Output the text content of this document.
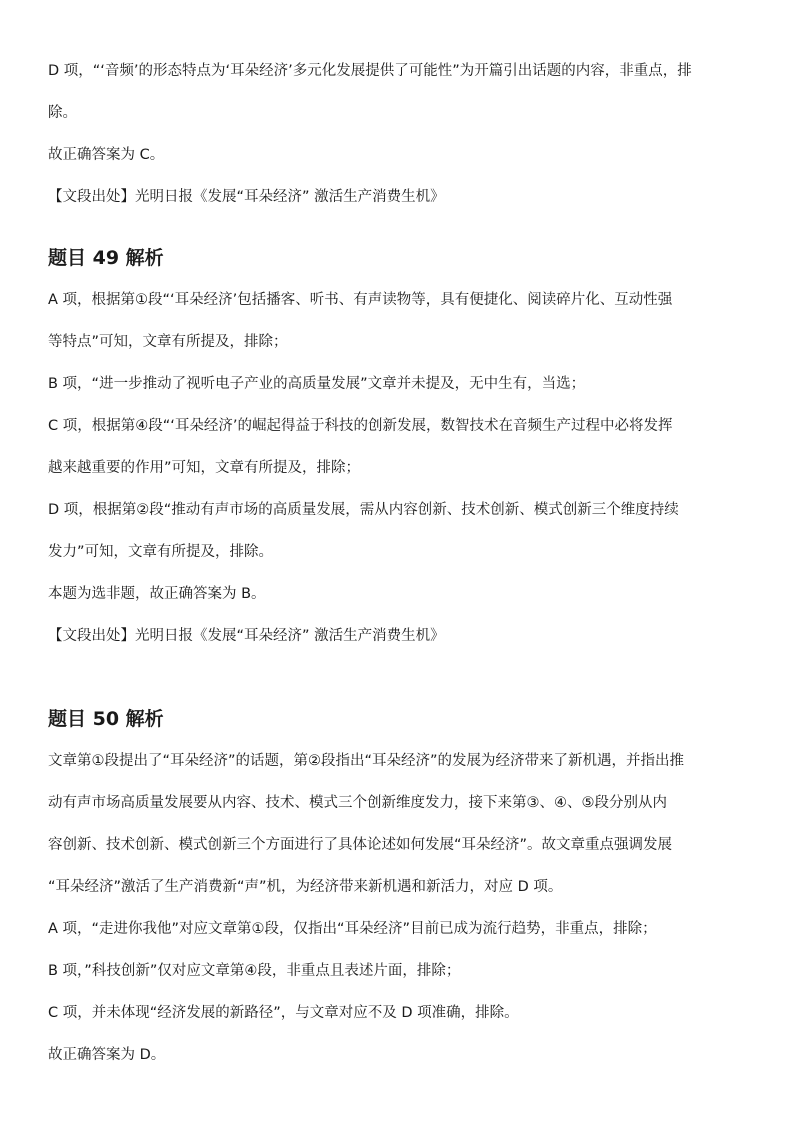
D 项，“‘音频’的形态特点为‘耳朵经济’多元化发展提供了可能性”为开篇引出话题的内容，非重点，排

除。

故正确答案为 C。

【文段出处】光明日报《发展“耳朵经济” 激活生产消费生机》

题目 49 解析

A 项，根据第①段“‘耳朵经济’包括播客、听书、有声读物等，具有便捷化、阅读碎片化、互动性强

等特点”可知，文章有所提及，排除；

B 项，“进一步推动了视听电子产业的高质量发展”文章并未提及，无中生有，当选；

C 项，根据第④段“‘耳朵经济’的崛起得益于科技的创新发展，数智技术在音频生产过程中必将发挥

越来越重要的作用”可知，文章有所提及，排除；

D 项，根据第②段“推动有声市场的高质量发展，需从内容创新、技术创新、模式创新三个维度持续

发力”可知，文章有所提及，排除。

本题为选非题，故正确答案为 B。

【文段出处】光明日报《发展“耳朵经济” 激活生产消费生机》

题目 50 解析

文章第①段提出了“耳朵经济”的话题，第②段指出“耳朵经济”的发展为经济带来了新机遇，并指出推

动有声市场高质量发展要从内容、技术、模式三个创新维度发力，接下来第③、④、⑤段分别从内

容创新、技术创新、模式创新三个方面进行了具体论述如何发展“耳朵经济”。故文章重点强调发展

“耳朵经济”激活了生产消费新“声”机，为经济带来新机遇和新活力，对应 D 项。

A 项，“走进你我他”对应文章第①段，仅指出“耳朵经济”目前已成为流行趋势，非重点，排除；

B 项，”科技创新”仅对应文章第④段，非重点且表述片面，排除；

C 项，并未体现“经济发展的新路径”，与文章对应不及 D 项准确，排除。

故正确答案为 D。
